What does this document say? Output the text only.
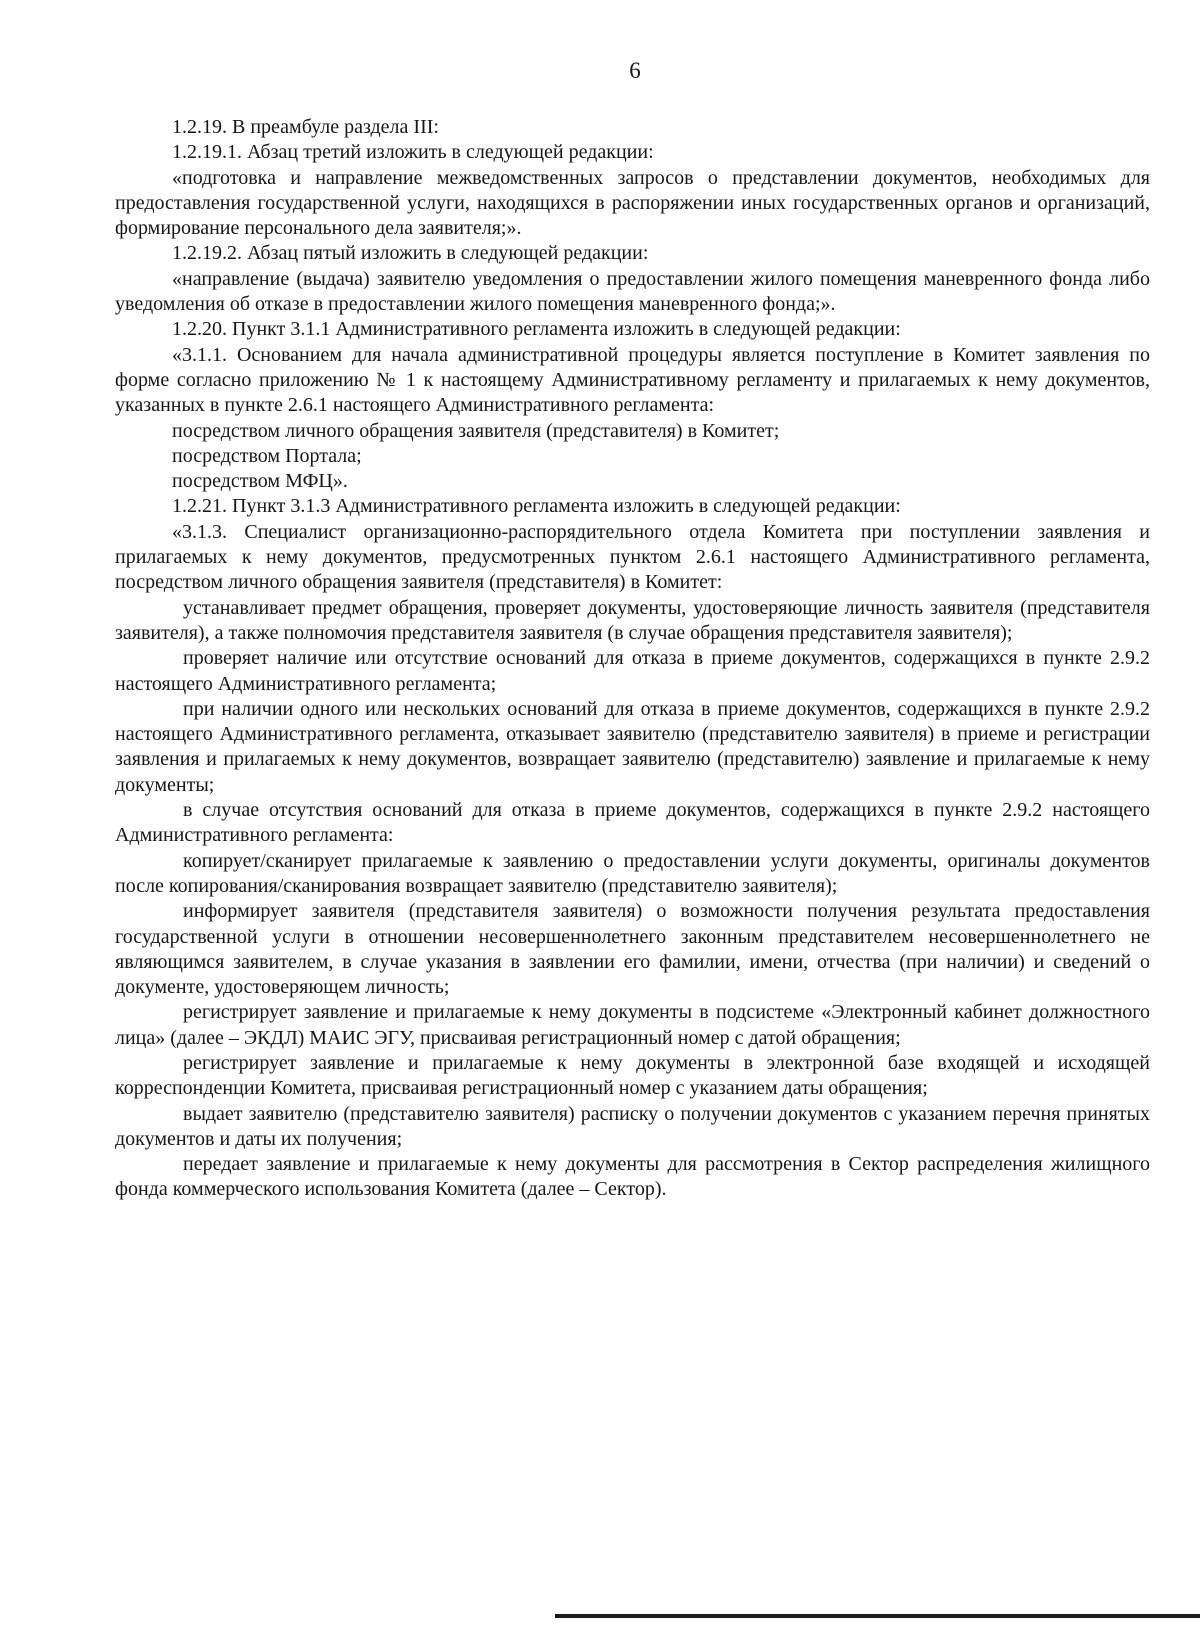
6

1.2.19. В преамбуле раздела III:

1.2.19.1. Абзац третий изложить в следующей редакции:

«подготовка и направление межведомственных запросов о представлении документов, необходимых для предоставления государственной услуги, находящихся в распоряжении иных государственных органов и организаций, формирование персонального дела заявителя;».

1.2.19.2. Абзац пятый изложить в следующей редакции:

«направление (выдача) заявителю уведомления о предоставлении жилого помещения маневренного фонда либо уведомления об отказе в предоставлении жилого помещения маневренного фонда;».

1.2.20. Пункт 3.1.1 Административного регламента изложить в следующей редакции:

«3.1.1. Основанием для начала административной процедуры является поступление в Комитет заявления по форме согласно приложению № 1 к настоящему Административному регламенту и прилагаемых к нему документов, указанных в пункте 2.6.1 настоящего Административного регламента:

посредством личного обращения заявителя (представителя) в Комитет;

посредством Портала;

посредством МФЦ».

1.2.21. Пункт 3.1.3 Административного регламента изложить в следующей редакции:

«3.1.3. Специалист организационно-распорядительного отдела Комитета при поступлении заявления и прилагаемых к нему документов, предусмотренных пунктом 2.6.1 настоящего Административного регламента, посредством личного обращения заявителя (представителя) в Комитет:

устанавливает предмет обращения, проверяет документы, удостоверяющие личность заявителя (представителя заявителя), а также полномочия представителя заявителя (в случае обращения представителя заявителя);

проверяет наличие или отсутствие оснований для отказа в приеме документов, содержащихся в пункте 2.9.2 настоящего Административного регламента;

при наличии одного или нескольких оснований для отказа в приеме документов, содержащихся в пункте 2.9.2 настоящего Административного регламента, отказывает заявителю (представителю заявителя) в приеме и регистрации заявления и прилагаемых к нему документов, возвращает заявителю (представителю) заявление и прилагаемые к нему документы;

в случае отсутствия оснований для отказа в приеме документов, содержащихся в пункте 2.9.2 настоящего Административного регламента:

копирует/сканирует прилагаемые к заявлению о предоставлении услуги документы, оригиналы документов после копирования/сканирования возвращает заявителю (представителю заявителя);

информирует заявителя (представителя заявителя) о возможности получения результата предоставления государственной услуги в отношении несовершеннолетнего законным представителем несовершеннолетнего не являющимся заявителем, в случае указания в заявлении его фамилии, имени, отчества (при наличии) и сведений о документе, удостоверяющем личность;

регистрирует заявление и прилагаемые к нему документы в подсистеме «Электронный кабинет должностного лица» (далее – ЭКДЛ) МАИС ЭГУ, присваивая регистрационный номер с датой обращения;

регистрирует заявление и прилагаемые к нему документы в электронной базе входящей и исходящей корреспонденции Комитета, присваивая регистрационный номер с указанием даты обращения;

выдает заявителю (представителю заявителя) расписку о получении документов с указанием перечня принятых документов и даты их получения;

передает заявление и прилагаемые к нему документы для рассмотрения в Сектор распределения жилищного фонда коммерческого использования Комитета (далее – Сектор).
